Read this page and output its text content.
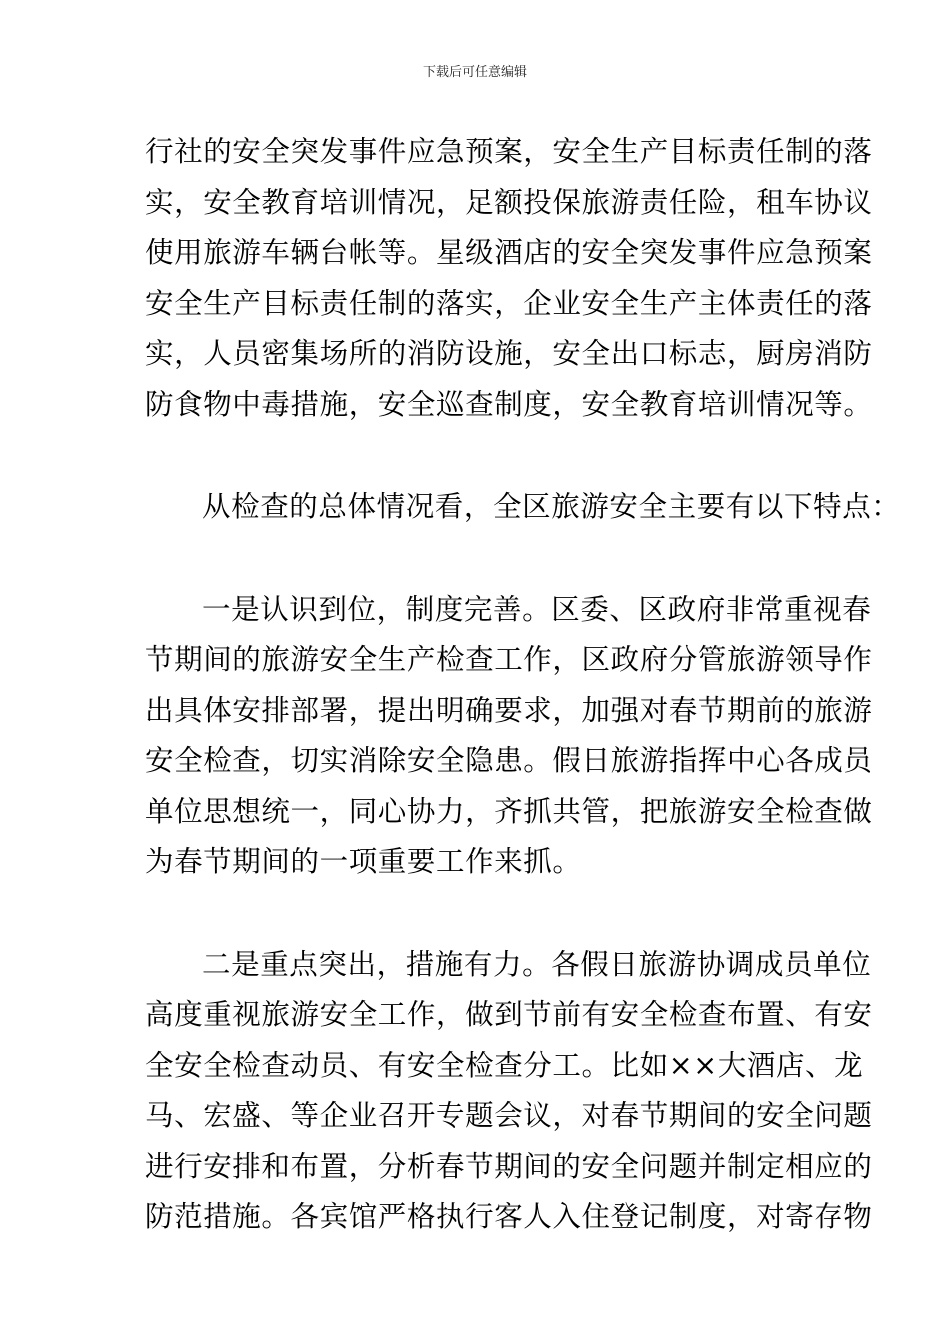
下载后可任意编辑
行社的安全突发事件应急预案，安全生产目标责任制的落
实，安全教育培训情况，足额投保旅游责任险，租车协议
使用旅游车辆台帐等。星级酒店的安全突发事件应急预案
安全生产目标责任制的落实，企业安全生产主体责任的落
实，人员密集场所的消防设施，安全出口标志，厨房消防
防食物中毒措施，安全巡查制度，安全教育培训情况等。
从检查的总体情况看，全区旅游安全主要有以下特点：
一是认识到位，制度完善。区委、区政府非常重视春
节期间的旅游安全生产检查工作，区政府分管旅游领导作
出具体安排部署，提出明确要求，加强对春节期前的旅游
安全检查，切实消除安全隐患。假日旅游指挥中心各成员
单位思想统一，同心协力，齐抓共管，把旅游安全检查做
为春节期间的一项重要工作来抓。
二是重点突出，措施有力。各假日旅游协调成员单位
高度重视旅游安全工作，做到节前有安全检查布置、有安
全安全检查动员、有安全检查分工。比如××大酒店、龙
马、宏盛、等企业召开专题会议，对春节期间的安全问题
进行安排和布置，分析春节期间的安全问题并制定相应的
防范措施。各宾馆严格执行客人入住登记制度，对寄存物
